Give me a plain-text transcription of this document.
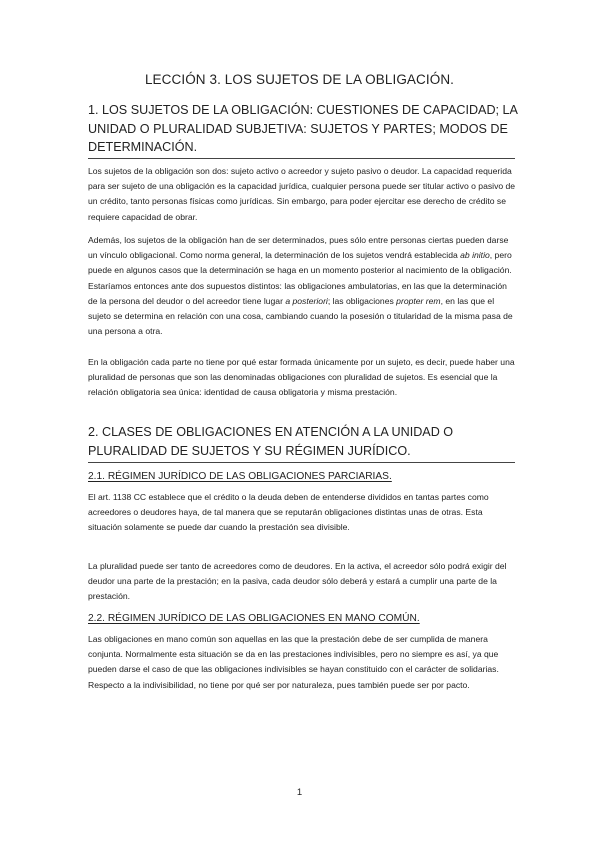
LECCIÓN 3. LOS SUJETOS DE LA OBLIGACIÓN.
1. LOS SUJETOS DE LA OBLIGACIÓN: CUESTIONES DE CAPACIDAD; LA UNIDAD O PLURALIDAD SUBJETIVA: SUJETOS Y PARTES; MODOS DE DETERMINACIÓN.

Los sujetos de la obligación son dos: sujeto activo o acreedor y sujeto pasivo o deudor. La capacidad requerida para ser sujeto de una obligación es la capacidad jurídica, cualquier persona puede ser titular activo o pasivo de un crédito, tanto personas físicas como jurídicas. Sin embargo, para poder ejercitar ese derecho de crédito se requiere capacidad de obrar.

Además, los sujetos de la obligación han de ser determinados, pues sólo entre personas ciertas pueden darse un vínculo obligacional. Como norma general, la determinación de los sujetos vendrá establecida ab initio, pero puede en algunos casos que la determinación se haga en un momento posterior al nacimiento de la obligación. Estaríamos entonces ante dos supuestos distintos: las obligaciones ambulatorias, en las que la determinación de la persona del deudor o del acreedor tiene lugar a posteriori; las obligaciones propter rem, en las que el sujeto se determina en relación con una cosa, cambiando cuando la posesión o titularidad de la misma pasa de una persona a otra.

En la obligación cada parte no tiene por qué estar formada únicamente por un sujeto, es decir, puede haber una pluralidad de personas que son las denominadas obligaciones con pluralidad de sujetos. Es esencial que la relación obligatoria sea única: identidad de causa obligatoria y misma prestación.

2. CLASES DE OBLIGACIONES EN ATENCIÓN A LA UNIDAD O PLURALIDAD DE SUJETOS Y SU RÉGIMEN JURÍDICO.
2.1. RÉGIMEN JURÍDICO DE LAS OBLIGACIONES PARCIARIAS.

El art. 1138 CC establece que el crédito o la deuda deben de entenderse divididos en tantas partes como acreedores o deudores haya, de tal manera que se reputarán obligaciones distintas unas de otras. Esta situación solamente se puede dar cuando la prestación sea divisible.

La pluralidad puede ser tanto de acreedores como de deudores. En la activa, el acreedor sólo podrá exigir del deudor una parte de la prestación; en la pasiva, cada deudor sólo deberá y estará a cumplir una parte de la prestación.

2.2. RÉGIMEN JURÍDICO DE LAS OBLIGACIONES EN MANO COMÚN.

Las obligaciones en mano común son aquellas en las que la prestación debe de ser cumplida de manera conjunta. Normalmente esta situación se da en las prestaciones indivisibles, pero no siempre es así, ya que pueden darse el caso de que las obligaciones indivisibles se hayan constituido con el carácter de solidarias. Respecto a la indivisibilidad, no tiene por qué ser por naturaleza, pues también puede ser por pacto.

1
